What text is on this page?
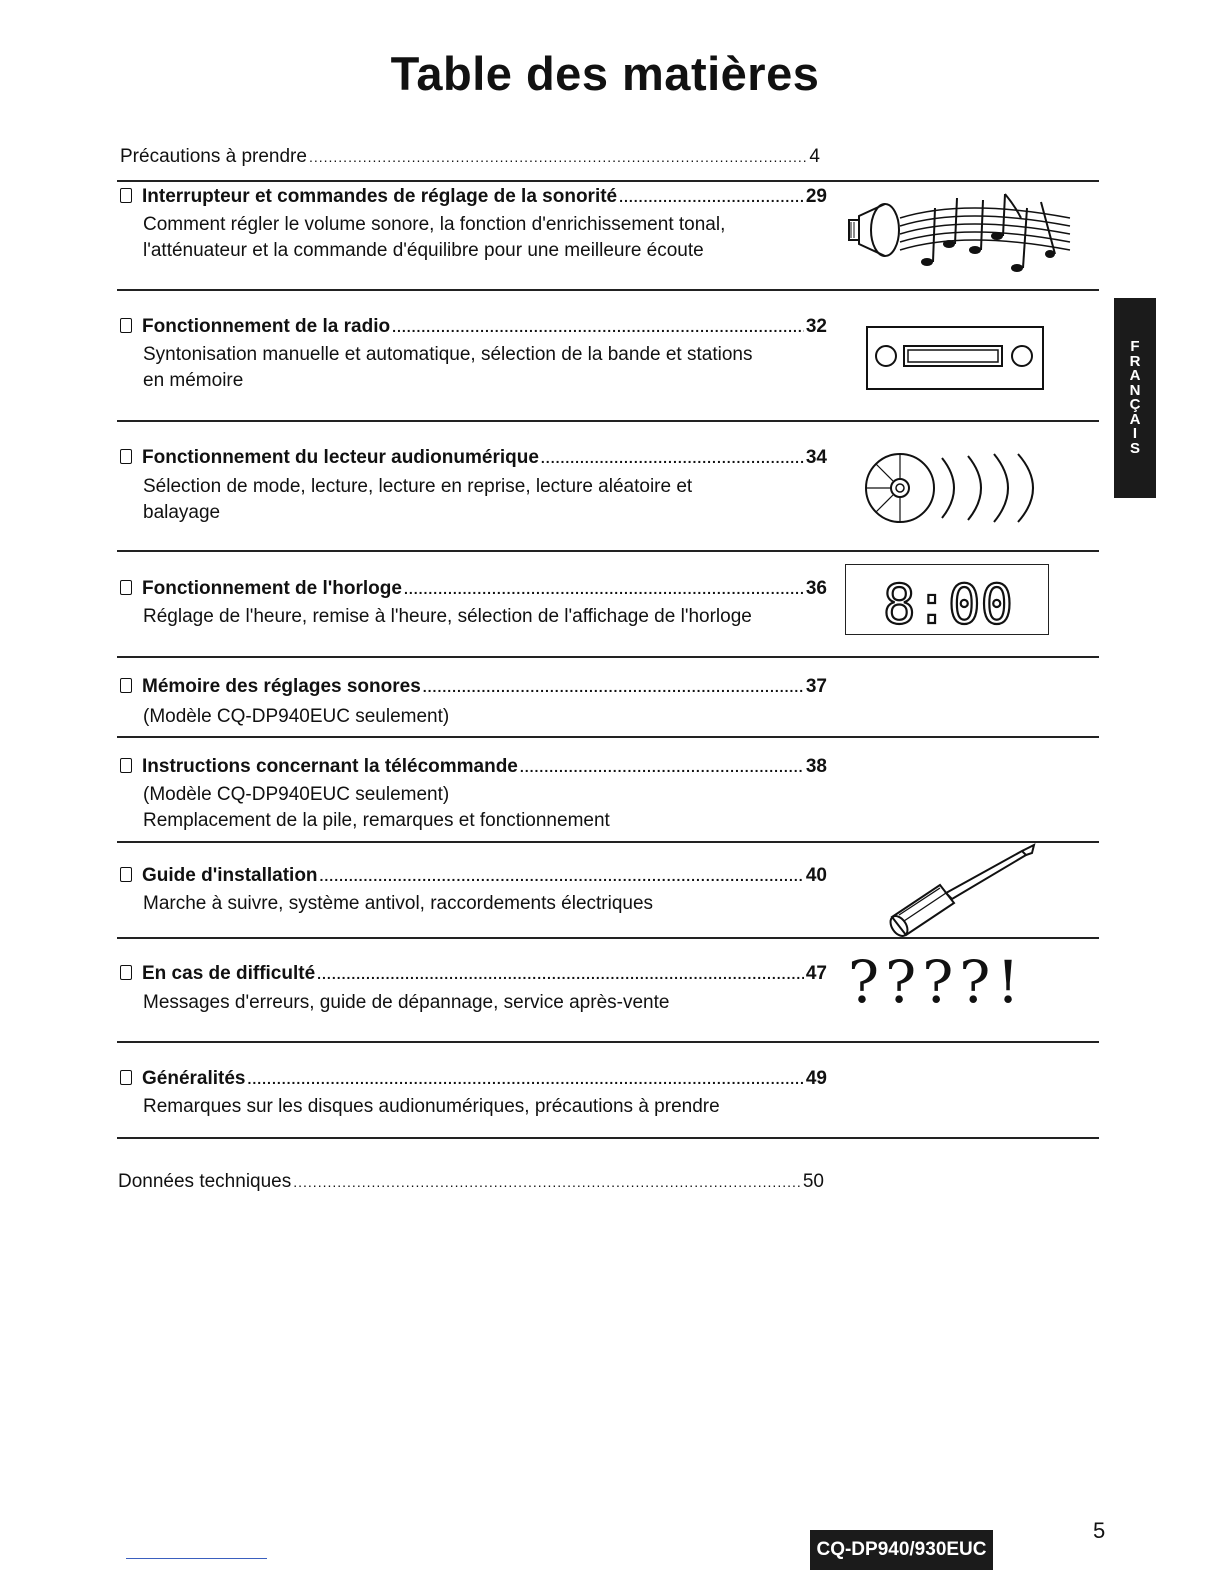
Table des matières
Précautions à prendre .....	4
Interrupteur et commandes de réglage de la sonorité .....	29
Comment régler le volume sonore, la fonction d'enrichissement tonal,
l'atténuateur et la commande d'équilibre pour une meilleure écoute
Fonctionnement de la radio .....	32
Syntonisation manuelle et automatique, sélection de la bande et stations
en mémoire
Fonctionnement du lecteur audionumérique .....	34
Sélection de mode, lecture, lecture en reprise, lecture aléatoire et
balayage
Fonctionnement de l'horloge .....	36
Réglage de l'heure, remise à l'heure, sélection de l'affichage de l'horloge	8:00
Mémoire des réglages sonores .....	37
(Modèle CQ-DP940EUC seulement)
Instructions concernant la télécommande .....	38
(Modèle CQ-DP940EUC seulement)
Remplacement de la pile, remarques et fonctionnement
Guide d'installation .....	40
Marche à suivre, système antivol, raccordements électriques
En cas de difficulté .....	47
Messages d'erreurs, guide de dépannage, service après-vente	????!
Généralités .....	49
Remarques sur les disques audionumériques, précautions à prendre
Données techniques .....	50
F
R
A
N
Ç
A
I
S
5
CQ-DP940/930EUC
